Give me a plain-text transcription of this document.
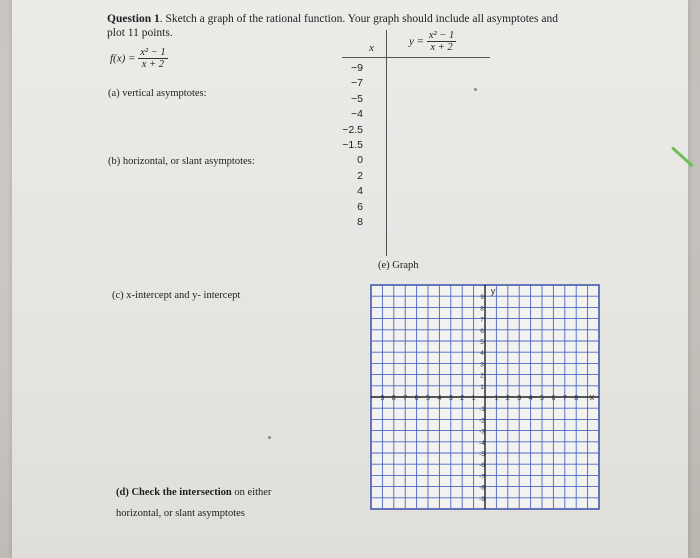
Question 1. Sketch a graph of the rational function. Your graph should include all asymptotes and plot 11 points.
$f(x) = \frac{\text{x² − 1}}{x + 2}$
(a) vertical asymptotes:
(b) horizontal, or slant asymptotes:
(c) x-intercept and y- intercept
(d) Check the intersection on either
horizontal, or slant asymptotes
x
$y = \frac{\text{x² − 1}}{x + 2}$
−9
−7
−5
−4
−2.5
−1.5
0
2
4
6
8
(e) Graph
9 8 7 6 5 4 3 2 1	1 2 3 4 5 6 7 8
9
8
7
6
5
4
3
2
1
-1
-2
-3
-4
-5
-6
-7
-8
-9
x
y
